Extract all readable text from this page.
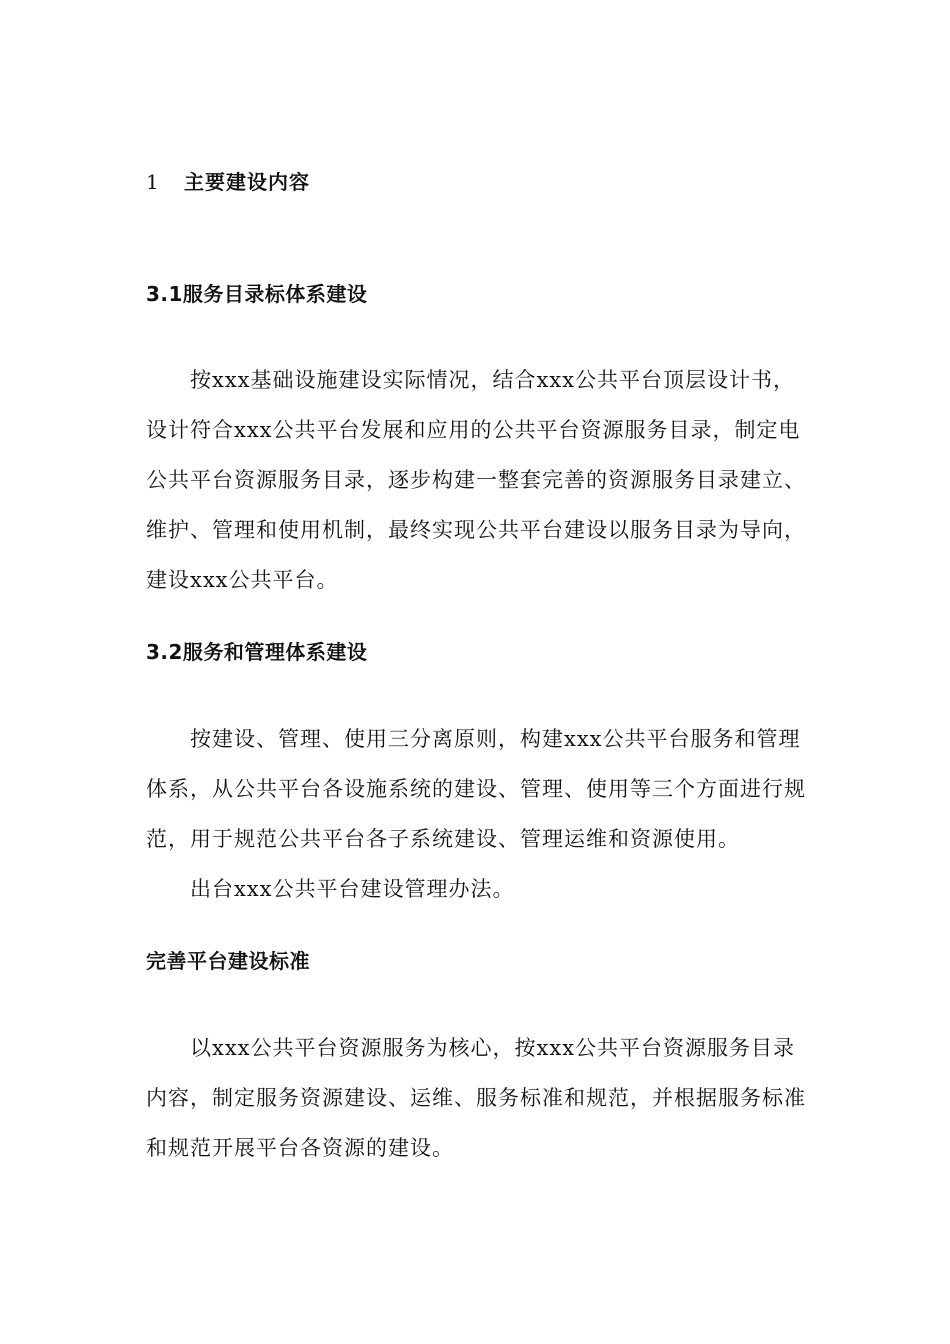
1 主要建设内容
3.1服务目录标体系建设
按xxx基础设施建设实际情况，结合xxx公共平台顶层设计书，设计符合xxx公共平台发展和应用的公共平台资源服务目录，制定电公共平台资源服务目录，逐步构建一整套完善的资源服务目录建立、维护、管理和使用机制，最终实现公共平台建设以服务目录为导向，建设xxx公共平台。
3.2服务和管理体系建设
按建设、管理、使用三分离原则，构建xxx公共平台服务和管理体系，从公共平台各设施系统的建设、管理、使用等三个方面进行规范，用于规范公共平台各子系统建设、管理运维和资源使用。
出台xxx公共平台建设管理办法。
完善平台建设标准
以xxx公共平台资源服务为核心，按xxx公共平台资源服务目录内容，制定服务资源建设、运维、服务标准和规范，并根据服务标准和规范开展平台各资源的建设。
